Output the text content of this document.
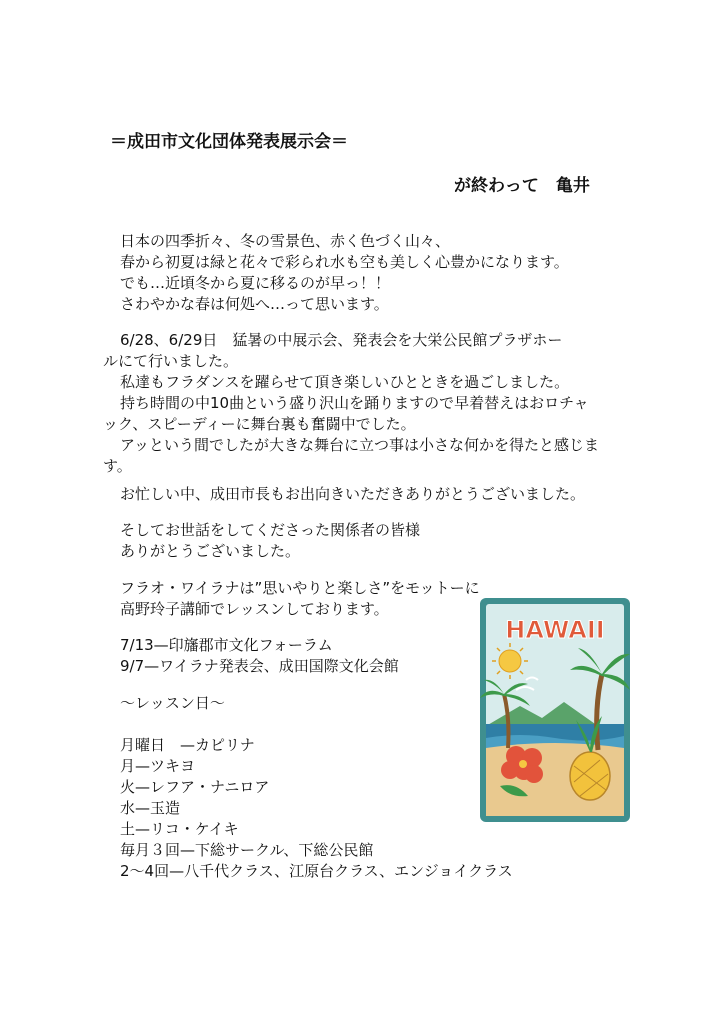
＝成田市文化団体発表展示会＝
が終わって　亀井
日本の四季折々、冬の雪景色、赤く色づく山々、
春から初夏は緑と花々で彩られ水も空も美しく心豊かになります。
でも…近頃冬から夏に移るのが早っ！！
さわやかな春は何処へ…って思います。
6/28、6/29日　猛暑の中展示会、発表会を大栄公民館プラザホー
ルにて行いました。
私達もフラダンスを躍らせて頂き楽しいひとときを過ごしました。
持ち時間の中10曲という盛り沢山を踊りますので早着替えはおロチャ
ック、スピーディーに舞台裏も奮闘中でした。
アッという間でしたが大きな舞台に立つ事は小さな何かを得たと感じま
す。
お忙しい中、成田市長もお出向きいただきありがとうございました。
そしてお世話をしてくださった関係者の皆様
ありがとうございました。
フラオ・ワイラナは”思いやりと楽しさ”をモットーに
高野玲子講師でレッスンしております。
7/13—印旛郡市文化フォーラム
9/7—ワイラナ発表会、成田国際文化会館
～レッスン日～
月曜日　—カピリナ
月—ツキヨ
火—レフア・ナニロア
水—玉造
土—リコ・ケイキ
毎月３回—下総サークル、下総公民館
2～4回—八千代クラス、江原台クラス、エンジョイクラス
HAWAII
